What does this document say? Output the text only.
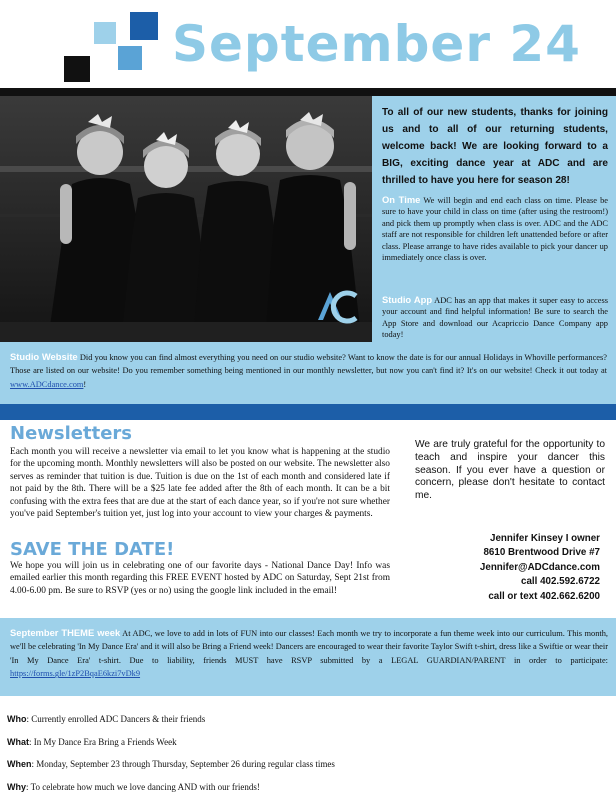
September 24
To all of our new students, thanks for joining us and to all of our returning students, welcome back! We are looking forward to a BIG, exciting dance year at ADC and are thrilled to have you here for season 28!
On Time We will begin and end each class on time. Please be sure to have your child in class on time (after using the restroom!) and pick them up promptly when class is over. ADC and the ADC staff are not responsible for children left unattended before or after class. Please arrange to have rides available to pick your dancer up immediately once class is over.
Studio App ADC has an app that makes it super easy to access your account and find helpful information! Be sure to search the App Store and download our Acapriccio Dance Company app today!
Studio Website Did you know you can find almost everything you need on our studio website? Want to know the date is for our annual Holidays in Whoville performances? Those are listed on our website! Do you remember something being mentioned in our monthly newsletter, but now you can't find it? It's on our website! Check it out today at www.ADCdance.com!
Newsletters
Each month you will receive a newsletter via email to let you know what is happening at the studio for the upcoming month. Monthly newsletters will also be posted on our website. The newsletter also serves as reminder that tuition is due. Tuition is due on the 1st of each month and considered late if not paid by the 8th. There will be a $25 late fee added after the 8th of each month. It can be a bit confusing with the extra fees that are due at the start of each dance year, so if you're not sure whether you've paid September's tuition yet, just log into your account to view your charges & payments.
SAVE THE DATE!
We hope you will join us in celebrating one of our favorite days - National Dance Day! Info was emailed earlier this month regarding this FREE EVENT hosted by ADC on Saturday, Sept 21st from 4.00-6.00 pm. Be sure to RSVP (yes or no) using the google link included in the email!
We are truly grateful for the opportunity to teach and inspire your dancer this season. If you ever have a question or concern, please don't hesitate to contact me.
Jennifer Kinsey I owner
8610 Brentwood Drive #7
Jennifer@ADCdance.com
call 402.592.6722
call or text 402.662.6200
September THEME week At ADC, we love to add in lots of FUN into our classes! Each month we try to incorporate a fun theme week into our curriculum. This month, we'll be celebrating 'In My Dance Era' and it will also be Bring a Friend week! Dancers are encouraged to wear their favorite Taylor Swift t-shirt, dress like a Swiftie or wear their 'In My Dance Era' t-shirt. Due to liability, friends MUST have RSVP submitted by a LEGAL GUARDIAN/PARENT in order to participate: https://forms.gle/1zP2BqaE6kzi7vDk9
Who: Currently enrolled ADC Dancers & their friends
What: In My Dance Era Bring a Friends Week
When: Monday, September 23 through Thursday, September 26 during regular class times
Why: To celebrate how much we love dancing AND with our friends!
